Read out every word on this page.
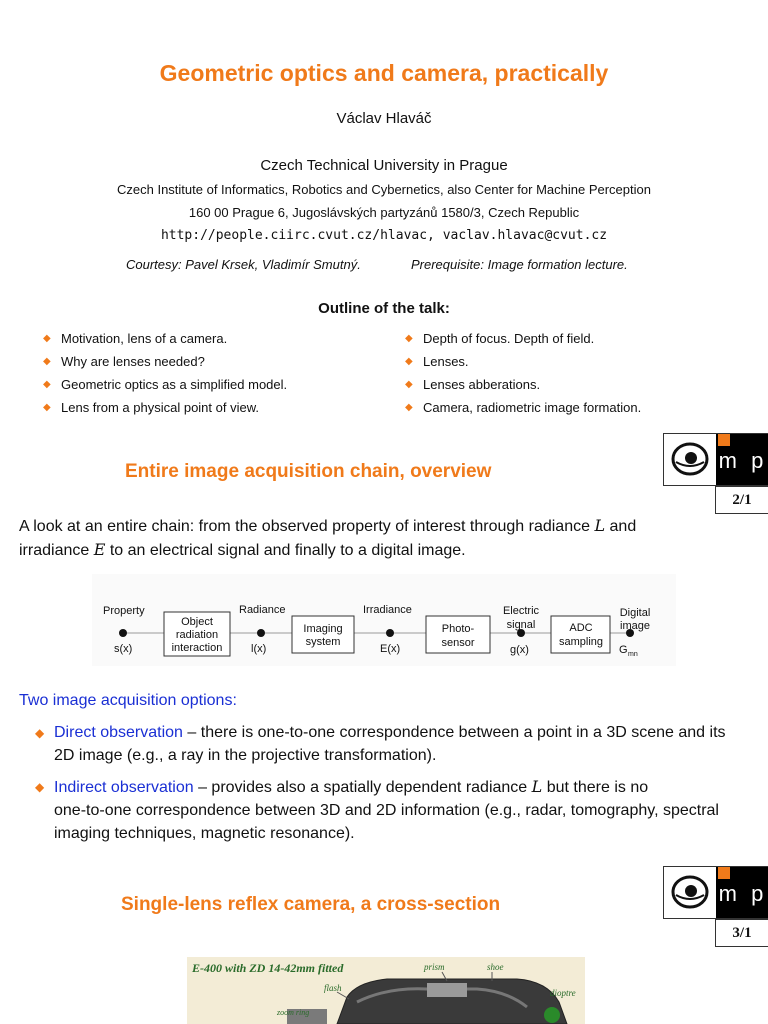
Geometric optics and camera, practically
Václav Hlaváč
Czech Technical University in Prague
Czech Institute of Informatics, Robotics and Cybernetics, also Center for Machine Perception
160 00 Prague 6, Jugoslávských partyzánů 1580/3, Czech Republic
http://people.ciirc.cvut.cz/hlavac, vaclav.hlavac@cvut.cz
Courtesy: Pavel Krsek, Vladimír Smutný.	Prerequisite: Image formation lecture.
Outline of the talk:
◆ Motivation, lens of a camera.
◆ Why are lenses needed?
◆ Geometric optics as a simplified model.
◆ Lens from a physical point of view.
◆ Depth of focus. Depth of field.
◆ Lenses.
◆ Lenses abberations.
◆ Camera, radiometric image formation.
m p
2/1
Entire image acquisition chain, overview
A look at an entire chain: from the observed property of interest through radiance L and
irradiance E to an electrical signal and finally to a digital image.
Property
s(x)
Object
radiation
interaction
Radiance
l(x)
Imaging
system
Irradiance
E(x)
Photo-
sensor
Electric
signal
g(x)
ADC
sampling
Digital
image
G mn
Two image acquisition options:
◆ Direct observation – there is one-to-one correspondence between a point in a 3D scene and its
2D image (e.g., a ray in the projective transformation).
◆ Indirect observation – provides also a spatially dependent radiance L but there is no
one-to-one correspondence between 3D and 2D information (e.g., radar, tomography, spectral
imaging techniques, magnetic resonance).
m p
3/1
Single-lens reflex camera, a cross-section
E-400 with ZD 14-42mm fitted	prism	shoe
flash	dioptre
zoom ring
